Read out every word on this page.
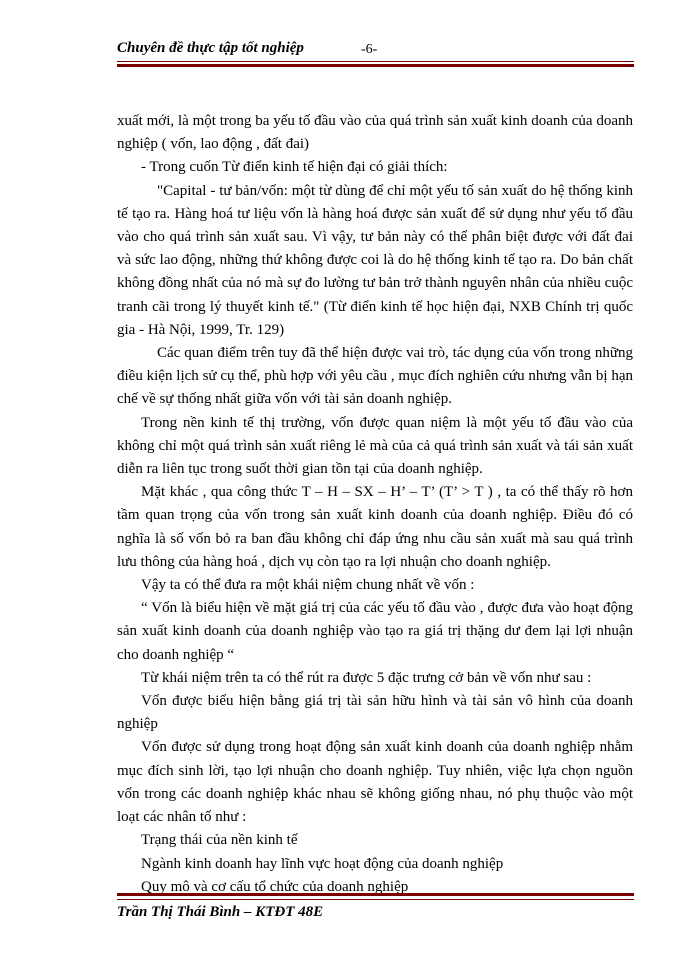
Chuyên đề thực tập tốt nghiệp	-6-

xuất mới, là một trong ba yếu tố đầu vào của quá trình sản xuất kinh doanh của doanh nghiệp ( vốn, lao động , đất đai)

- Trong cuốn Từ điển kinh tế hiện đại có giải thích:

"Capital - tư bản/vốn: một từ dùng để chỉ một yếu tố sản xuất do hệ thống kinh tế tạo ra. Hàng hoá tư liệu vốn là hàng hoá được sản xuất để sử dụng như yếu tố đầu vào cho quá trình sản xuất sau. Vì vậy, tư bản này có thể phân biệt được với đất đai và sức lao động, những thứ không được coi là do hệ thống kinh tế tạo ra. Do bản chất không đồng nhất của nó mà sự đo lường tư bản trở thành nguyên nhân của nhiều cuộc tranh cãi trong lý thuyết kinh tế." (Từ điển kinh tế học hiện đại, NXB Chính trị quốc gia - Hà Nội, 1999, Tr. 129)

Các quan điểm trên tuy đã thể hiện được vai trò, tác dụng của vốn trong những điều kiện lịch sử cụ thể, phù hợp với yêu cầu , mục đích nghiên cứu nhưng vẫn bị hạn chế về sự thống nhất giữa vốn với tài sản doanh nghiệp.

Trong nền kinh tế thị trường, vốn được quan niệm là một yếu tố đầu vào của không chỉ một quá trình sản xuất riêng lẻ mà của cả quá trình sản xuất và tái sản xuất diễn ra liên tục trong suốt thời gian tồn tại của doanh nghiệp.

Mặt khác , qua công thức T – H – SX – H’ – T’ (T’ > T ) , ta có thể thấy rõ hơn tầm quan trọng của vốn trong sản xuất kinh doanh của doanh nghiệp. Điều đó có nghĩa là số vốn bỏ ra ban đầu không chỉ đáp ứng nhu cầu sản xuất mà sau quá trình lưu thông của hàng hoá , dịch vụ còn tạo ra lợi nhuận cho doanh nghiệp.

Vậy ta có thể đưa ra một khái niệm chung nhất về vốn :

“ Vốn là biểu hiện về mặt giá trị của các yếu tố đầu vào , được đưa vào hoạt động sản xuất kinh doanh của doanh nghiệp vào tạo ra giá trị thặng dư đem lại lợi nhuận cho doanh nghiệp “

Từ khái niệm trên ta có thể rút ra được 5 đặc trưng cở bản về vốn như sau :

Vốn được biểu hiện bằng giá trị tài sản hữu hình và tài sản vô hình của doanh nghiệp

Vốn được sử dụng trong hoạt động sản xuất kinh doanh của doanh nghiệp nhằm mục đích sinh lời, tạo lợi nhuận cho doanh nghiệp. Tuy nhiên, việc lựa chọn nguồn vốn trong các doanh nghiệp khác nhau sẽ không giống nhau, nó phụ thuộc vào một loạt các nhân tố như :

Trạng thái của nền kinh tế

Ngành kinh doanh hay lĩnh vực hoạt động của doanh nghiệp

Quy mô và cơ cấu tổ chức của doanh nghiệp

Trần Thị Thái Bình – KTĐT 48E
